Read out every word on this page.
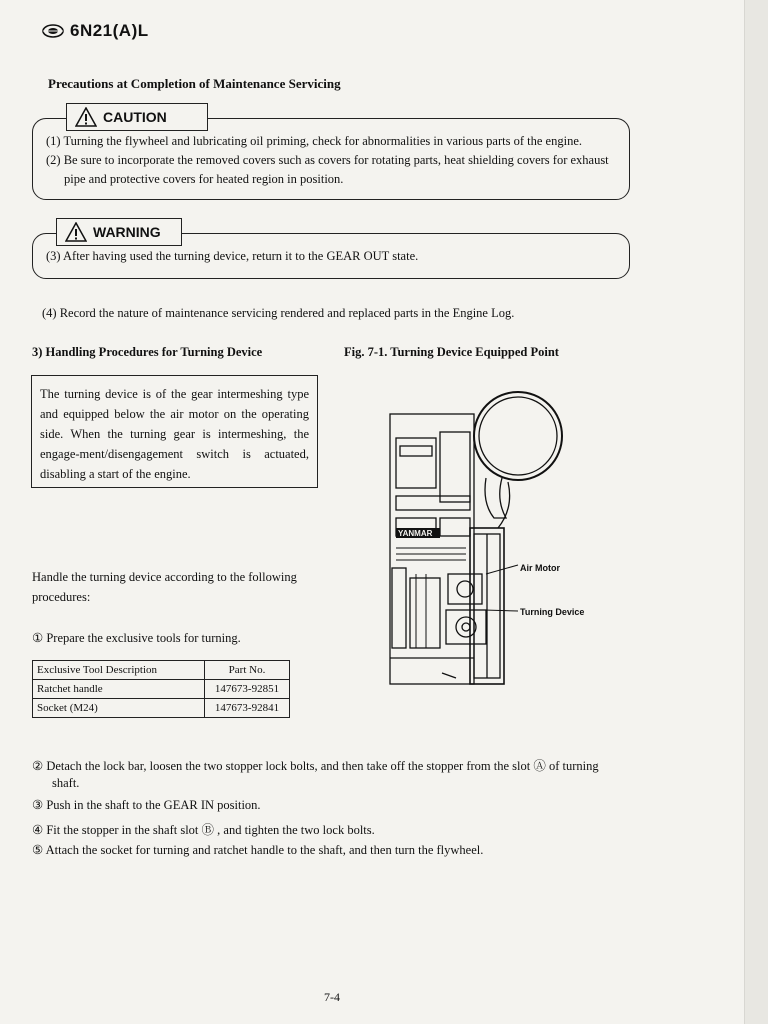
6N21(A)L
Precautions at Completion of Maintenance Servicing
CAUTION
(1) Turning the flywheel and lubricating oil priming, check for abnormalities in various parts of the engine.
(2) Be sure to incorporate the removed covers such as covers for rotating parts, heat shielding covers for exhaust
pipe and protective covers for heated region in position.
WARNING
(3) After having used the turning device, return it to the GEAR OUT state.
(4) Record the nature of maintenance servicing rendered and replaced parts in the Engine Log.
3) Handling Procedures for Turning Device	Fig. 7-1. Turning Device Equipped Point
The turning device is of the gear intermeshing type and equipped below the air motor on the operating side. When the turning gear is intermeshing, the engage-ment/disengagement switch is actuated, disabling a start of the engine.
Handle the turning device according to the following
procedures:
① Prepare the exclusive tools for turning.
Exclusive Tool Description	Part No.
Ratchet handle	147673-92851
Socket (M24)	147673-92841
YANMAR
Air Motor
Turning Device
② Detach the lock bar, loosen the two stopper lock bolts, and then take off the stopper from the slot Ⓐ of turning
shaft.
③ Push in the shaft to the GEAR IN position.
④ Fit the stopper in the shaft slot Ⓑ , and tighten the two lock bolts.
⑤ Attach the socket for turning and ratchet handle to the shaft, and then turn the flywheel.
7-4
